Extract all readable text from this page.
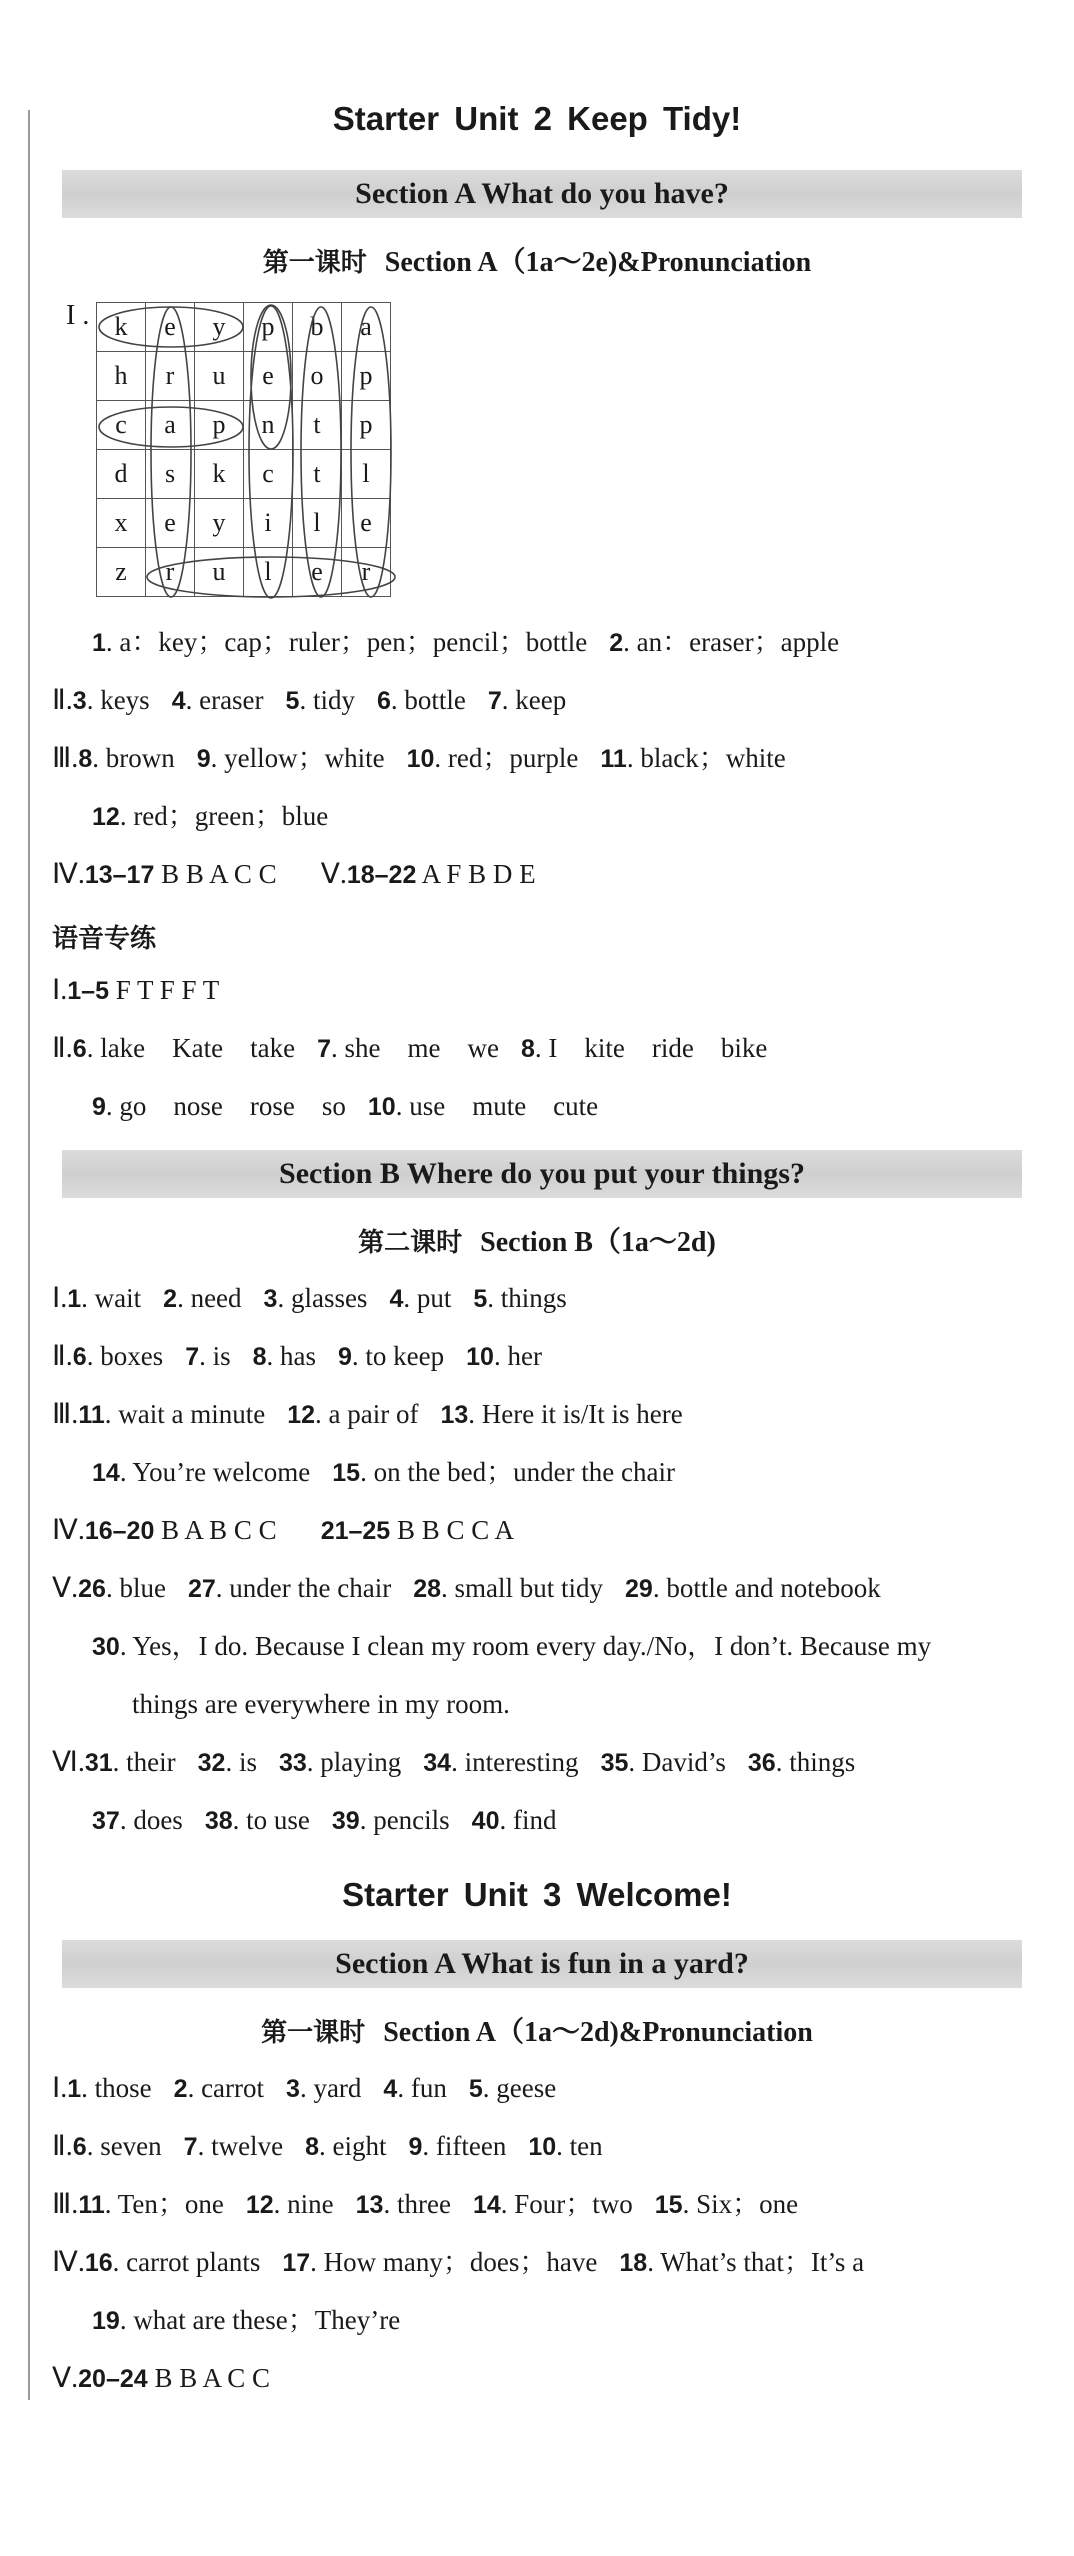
Starter Unit 2 Keep Tidy!
Section A What do you have?
第一课时 Section A（1a～2e)&Pronunciation
I . k	e	y	p	b	a
h	r	u	e	o	p
c	a	p	n	t	p
d	s	k	c	t	l
x	e	y	i	l	e
z	r	u	l	e	r
1. a：key；cap；ruler；pen；pencil；bottle 2. an：eraser；apple
Ⅱ.3. keys 4. eraser 5. tidy 6. bottle 7. keep
Ⅲ.8. brown 9. yellow；white 10. red；purple 11. black；white
12. red；green；blue
Ⅳ.13–17 B B A C C Ⅴ.18–22 A F B D E
语音专练
Ⅰ.1–5 F T F F T
Ⅱ.6. lake    Kate    take 7. she    me    we 8. I    kite    ride    bike
9. go    nose    rose    so 10. use    mute    cute
Section B Where do you put your things?
第二课时 Section B（1a～2d)
Ⅰ.1. wait 2. need 3. glasses 4. put 5. things
Ⅱ.6. boxes 7. is 8. has 9. to keep 10. her
Ⅲ.11. wait a minute 12. a pair of 13. Here it is/It is here
14. You’re welcome 15. on the bed；under the chair
Ⅳ.16–20 B A B C C 21–25 B B C C A
Ⅴ.26. blue 27. under the chair 28. small but tidy 29. bottle and notebook
30. Yes，I do. Because I clean my room every day./No，I don’t. Because my
things are everywhere in my room.
Ⅵ.31. their 32. is 33. playing 34. interesting 35. David’s 36. things
37. does 38. to use 39. pencils 40. find
Starter Unit 3 Welcome!
Section A What is fun in a yard?
第一课时 Section A（1a～2d)&Pronunciation
Ⅰ.1. those 2. carrot 3. yard 4. fun 5. geese
Ⅱ.6. seven 7. twelve 8. eight 9. fifteen 10. ten
Ⅲ.11. Ten；one 12. nine 13. three 14. Four；two 15. Six；one
Ⅳ.16. carrot plants 17. How many；does；have 18. What’s that；It’s a
19. what are these；They’re
Ⅴ.20–24 B B A C C
